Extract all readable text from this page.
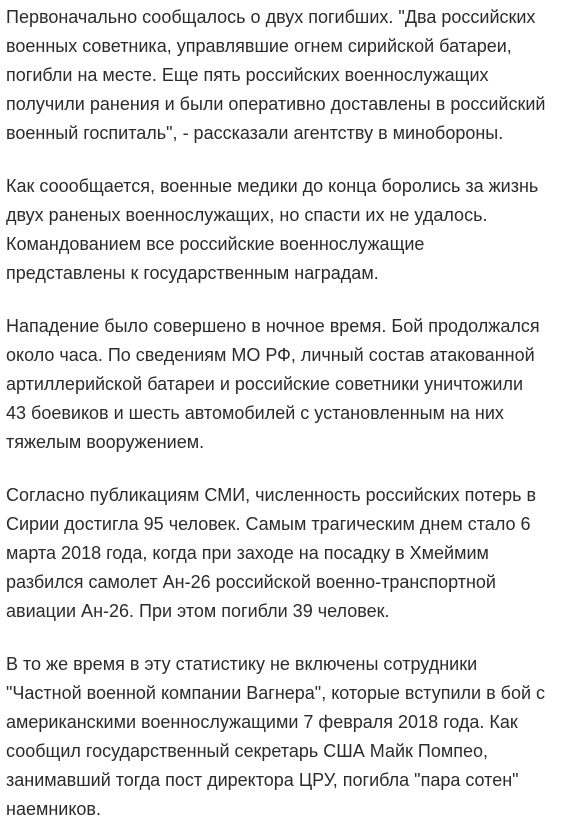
Первоначально сообщалось о двух погибших. "Два российских
военных советника, управлявшие огнем сирийской батареи,
погибли на месте. Еще пять российских военнослужащих
получили ранения и были оперативно доставлены в российский
военный госпиталь", - рассказали агентству в минобороны.

Как соообщается, военные медики до конца боролись за жизнь
двух раненых военнослужащих, но спасти их не удалось.
Командованием все российские военнослужащие
представлены к государственным наградам.

Нападение было совершено в ночное время. Бой продолжался
около часа. По сведениям МО РФ, личный состав атакованной
артиллерийской батареи и российские советники уничтожили
43 боевиков и шесть автомобилей с установленным на них
тяжелым вооружением.

Согласно публикациям СМИ, численность российских потерь в
Сирии достигла 95 человек. Самым трагическим днем стало 6
марта 2018 года, когда при заходе на посадку в Хмеймим
разбился самолет Ан-26 российской военно-транспортной
авиации Ан-26. При этом погибли 39 человек.

В то же время в эту статистику не включены сотрудники
"Частной военной компании Вагнера", которые вступили в бой с
американскими военнослужащими 7 февраля 2018 года. Как
сообщил государственный секретарь США Майк Помпео,
занимавший тогда пост директора ЦРУ, погибла "пара сотен"
наемников.
